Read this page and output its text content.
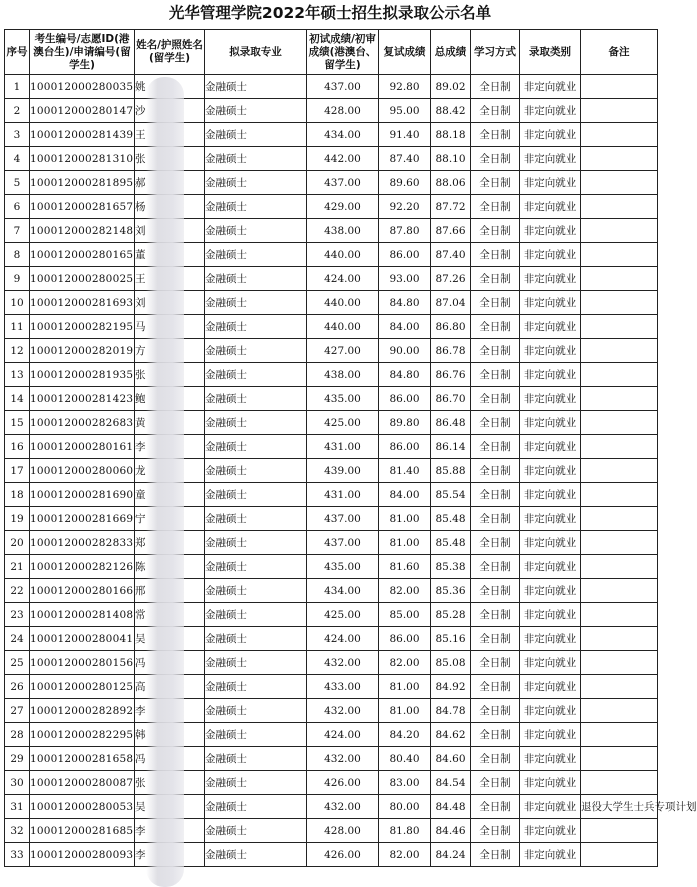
光华管理学院2022年硕士招生拟录取公示名单
序号	考生编号/志愿ID(港澳台生)/申请编号(留学生)	姓名/护照姓名(留学生)	拟录取专业	初试成绩/初审成绩(港澳台、留学生)	复试成绩	总成绩	学习方式	录取类别	备注
1	100012000280035	姚	金融硕士	437.00	92.80	89.02	全日制	非定向就业	
2	100012000280147	沙	金融硕士	428.00	95.00	88.42	全日制	非定向就业	
3	100012000281439	王	金融硕士	434.00	91.40	88.18	全日制	非定向就业	
4	100012000281310	张	金融硕士	442.00	87.40	88.10	全日制	非定向就业	
5	100012000281895	郝	金融硕士	437.00	89.60	88.06	全日制	非定向就业	
6	100012000281657	杨	金融硕士	429.00	92.20	87.72	全日制	非定向就业	
7	100012000282148	刘	金融硕士	438.00	87.80	87.66	全日制	非定向就业	
8	100012000280165	董	金融硕士	440.00	86.00	87.40	全日制	非定向就业	
9	100012000280025	王	金融硕士	424.00	93.00	87.26	全日制	非定向就业	
10	100012000281693	刘	金融硕士	440.00	84.80	87.04	全日制	非定向就业	
11	100012000282195	马	金融硕士	440.00	84.00	86.80	全日制	非定向就业	
12	100012000282019	方	金融硕士	427.00	90.00	86.78	全日制	非定向就业	
13	100012000281935	张	金融硕士	438.00	84.80	86.76	全日制	非定向就业	
14	100012000281423	鲍	金融硕士	435.00	86.00	86.70	全日制	非定向就业	
15	100012000282683	黄	金融硕士	425.00	89.80	86.48	全日制	非定向就业	
16	100012000280161	李	金融硕士	431.00	86.00	86.14	全日制	非定向就业	
17	100012000280060	龙	金融硕士	439.00	81.40	85.88	全日制	非定向就业	
18	100012000281690	童	金融硕士	431.00	84.00	85.54	全日制	非定向就业	
19	100012000281669	宁	金融硕士	437.00	81.00	85.48	全日制	非定向就业	
20	100012000282833	郑	金融硕士	437.00	81.00	85.48	全日制	非定向就业	
21	100012000282126	陈	金融硕士	435.00	81.60	85.38	全日制	非定向就业	
22	100012000280166	邢	金融硕士	434.00	82.00	85.36	全日制	非定向就业	
23	100012000281408	常	金融硕士	425.00	85.00	85.28	全日制	非定向就业	
24	100012000280041	吴	金融硕士	424.00	86.00	85.16	全日制	非定向就业	
25	100012000280156	冯	金融硕士	432.00	82.00	85.08	全日制	非定向就业	
26	100012000280125	高	金融硕士	433.00	81.00	84.92	全日制	非定向就业	
27	100012000282892	李	金融硕士	432.00	81.00	84.78	全日制	非定向就业	
28	100012000282295	韩	金融硕士	424.00	84.20	84.62	全日制	非定向就业	
29	100012000281658	冯	金融硕士	432.00	80.40	84.60	全日制	非定向就业	
30	100012000280087	张	金融硕士	426.00	83.00	84.54	全日制	非定向就业	
31	100012000280053	吴	金融硕士	432.00	80.00	84.48	全日制	非定向就业	退役大学生士兵专项计划
32	100012000281685	李	金融硕士	428.00	81.80	84.46	全日制	非定向就业	
33	100012000280093	李	金融硕士	426.00	82.00	84.24	全日制	非定向就业	
